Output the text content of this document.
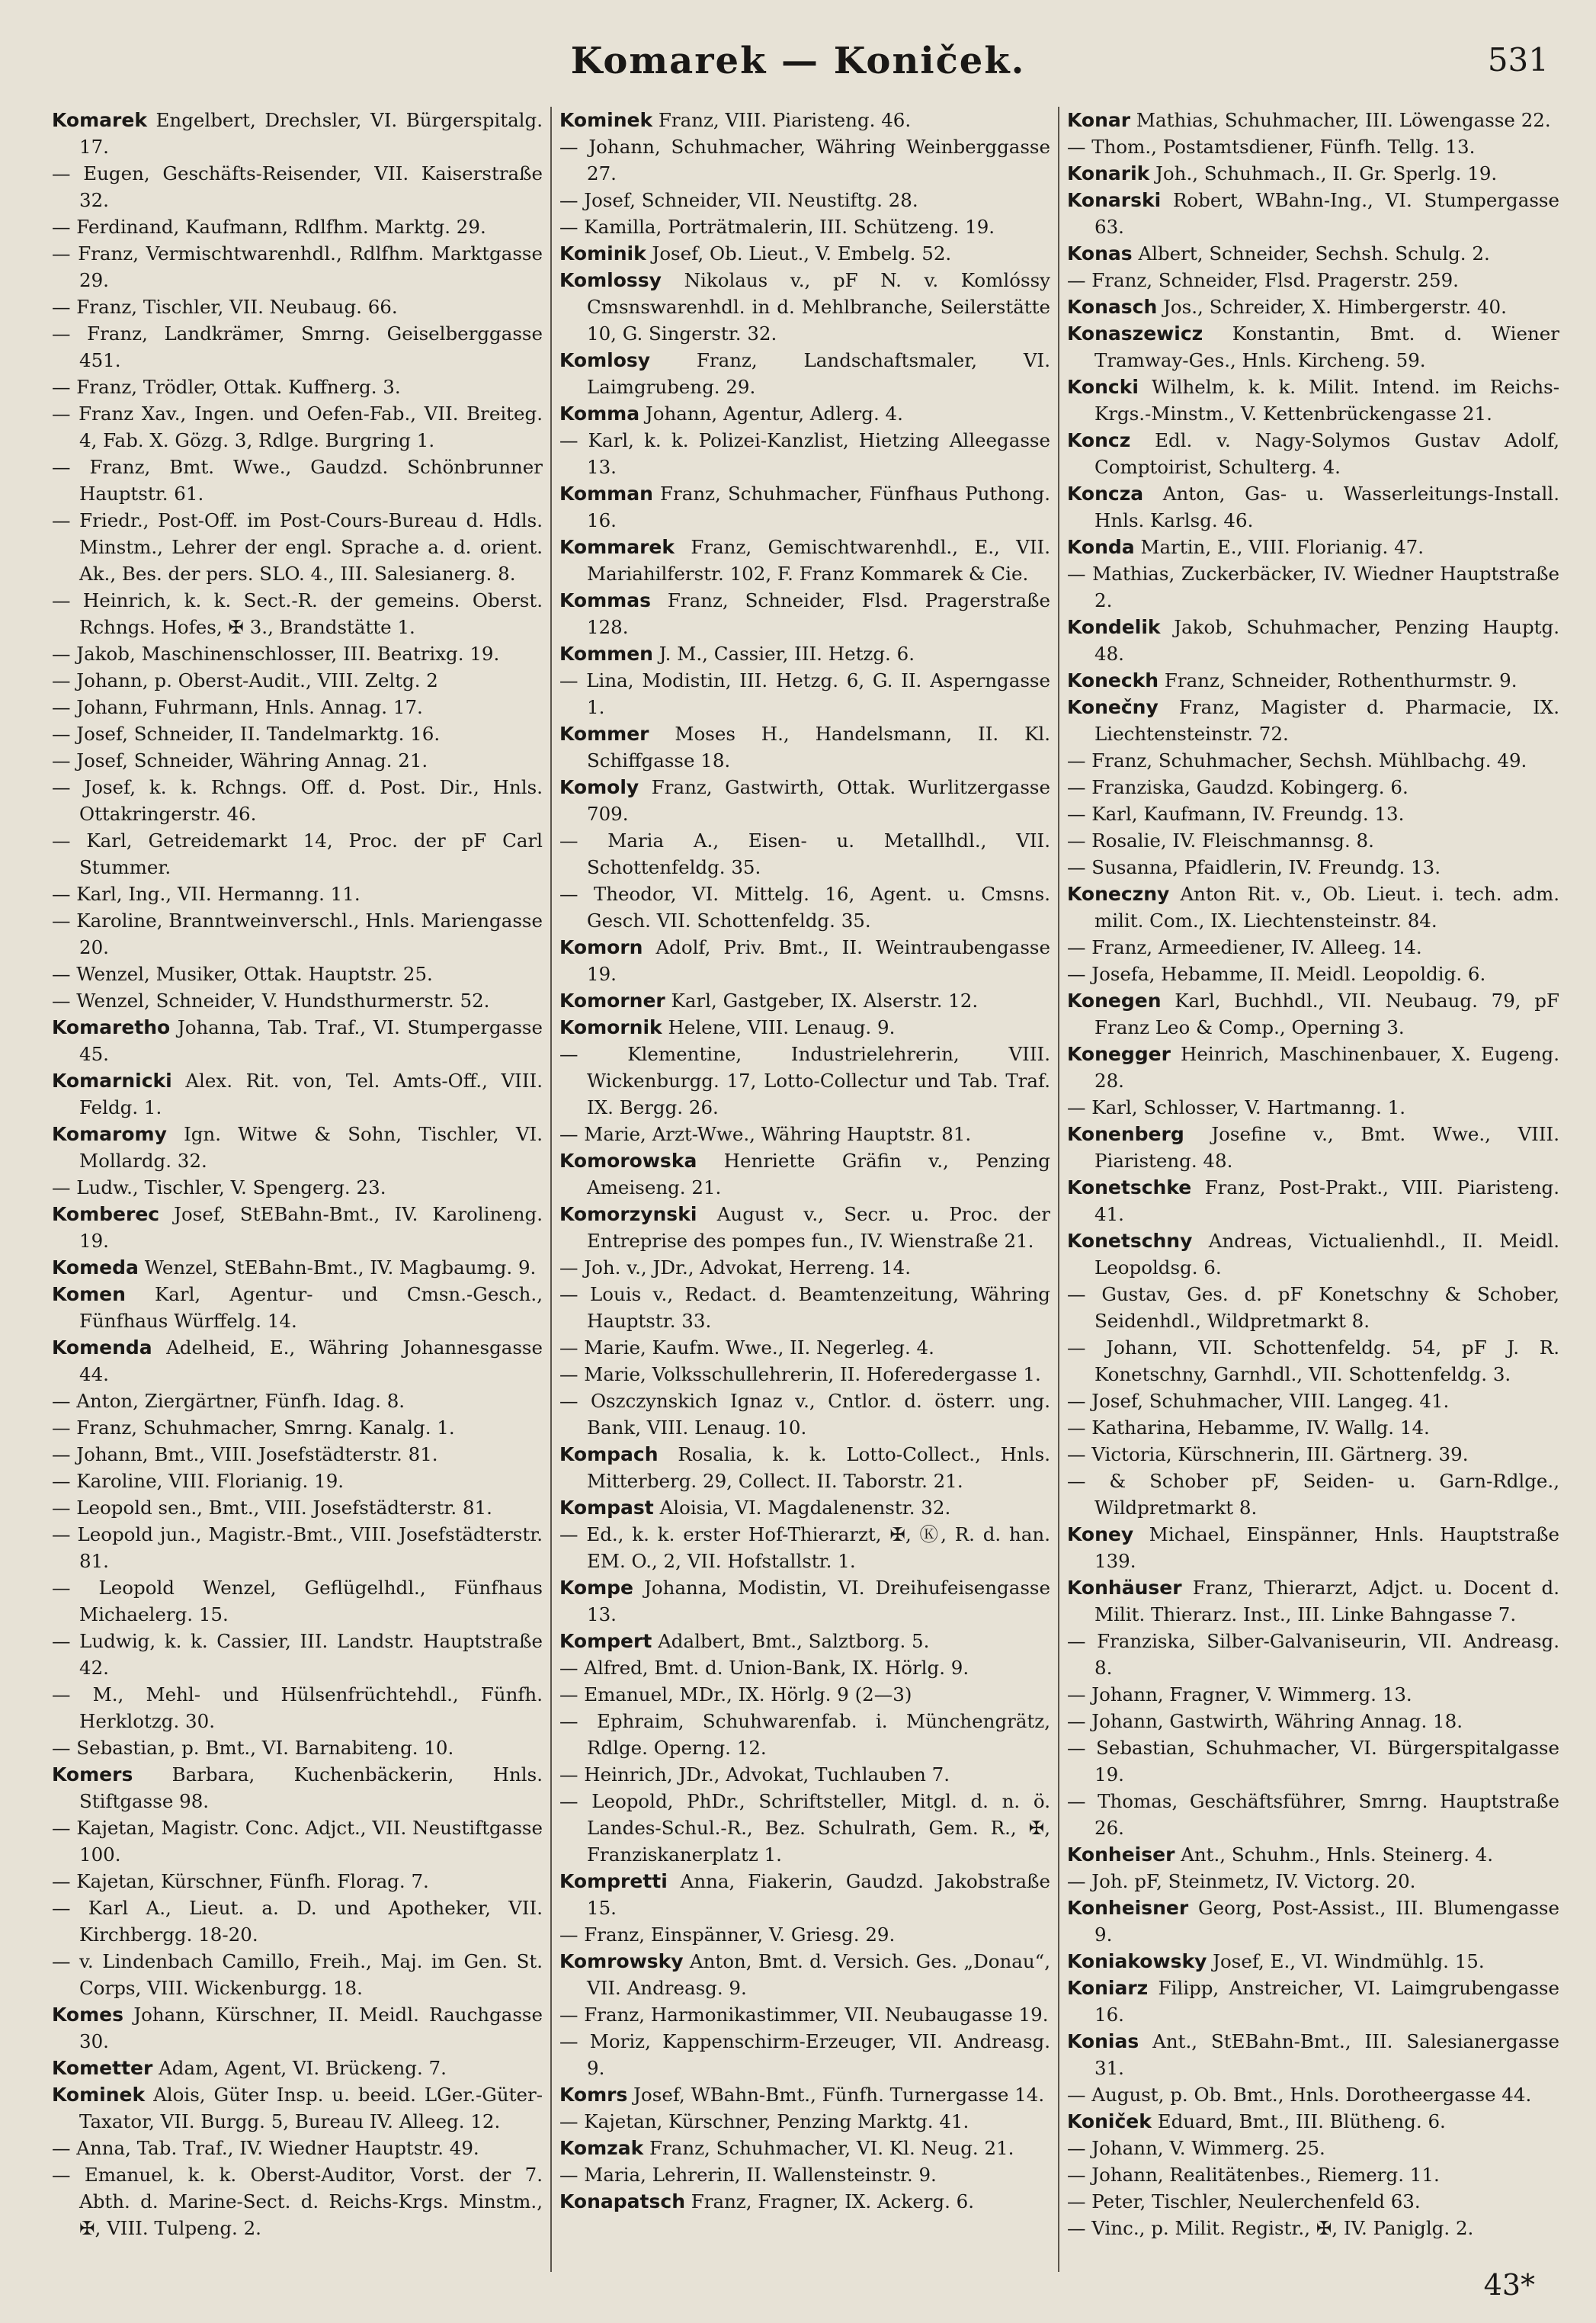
Komarek — Koniček.	531

Komarek Engelbert, Drechsler, VI. Bürgerspitalg. 17.

— Eugen, Geschäfts-Reisender, VII. Kaiserstraße 32.

— Ferdinand, Kaufmann, Rdlfhm. Marktg. 29.

— Franz, Vermischtwarenhdl., Rdlfhm. Marktgasse 29.

— Franz, Tischler, VII. Neubaug. 66.

— Franz, Landkrämer, Smrng. Geiselberggasse 451.

— Franz, Trödler, Ottak. Kuffnerg. 3.

— Franz Xav., Ingen. und Oefen-Fab., VII. Breiteg. 4, Fab. X. Gözg. 3, Rdlge. Burgring 1.

— Franz, Bmt. Wwe., Gaudzd. Schönbrunner Hauptstr. 61.

— Friedr., Post-Off. im Post-Cours-Bureau d. Hdls. Minstm., Lehrer der engl. Sprache a. d. orient. Ak., Bes. der pers. SLO. 4., III. Salesianerg. 8.

— Heinrich, k. k. Sect.-R. der gemeins. Oberst. Rchngs. Hofes, ✠ 3., Brandstätte 1.

— Jakob, Maschinenschlosser, III. Beatrixg. 19.

— Johann, p. Oberst-Audit., VIII. Zeltg. 2

— Johann, Fuhrmann, Hnls. Annag. 17.

— Josef, Schneider, II. Tandelmarktg. 16.

— Josef, Schneider, Währing Annag. 21.

— Josef, k. k. Rchngs. Off. d. Post. Dir., Hnls. Ottakringerstr. 46.

— Karl, Getreidemarkt 14, Proc. der pF Carl Stummer.

— Karl, Ing., VII. Hermanng. 11.

— Karoline, Branntweinverschl., Hnls. Mariengasse 20.

— Wenzel, Musiker, Ottak. Hauptstr. 25.

— Wenzel, Schneider, V. Hundsthurmerstr. 52.

Komaretho Johanna, Tab. Traf., VI. Stumpergasse 45.

Komarnicki Alex. Rit. von, Tel. Amts-Off., VIII. Feldg. 1.

Komaromy Ign. Witwe & Sohn, Tischler, VI. Mollardg. 32.

— Ludw., Tischler, V. Spengerg. 23.

Komberec Josef, StEBahn-Bmt., IV. Karolineng. 19.

Komeda Wenzel, StEBahn-Bmt., IV. Magbaumg. 9.

Komen Karl, Agentur- und Cmsn.-Gesch., Fünfhaus Würffelg. 14.

Komenda Adelheid, E., Währing Johannesgasse 44.

— Anton, Ziergärtner, Fünfh. Idag. 8.

— Franz, Schuhmacher, Smrng. Kanalg. 1.

— Johann, Bmt., VIII. Josefstädterstr. 81.

— Karoline, VIII. Florianig. 19.

— Leopold sen., Bmt., VIII. Josefstädterstr. 81.

— Leopold jun., Magistr.-Bmt., VIII. Josefstädterstr. 81.

— Leopold Wenzel, Geflügelhdl., Fünfhaus Michaelerg. 15.

— Ludwig, k. k. Cassier, III. Landstr. Hauptstraße 42.

— M., Mehl- und Hülsenfrüchtehdl., Fünfh. Herklotzg. 30.

— Sebastian, p. Bmt., VI. Barnabiteng. 10.

Komers Barbara, Kuchenbäckerin, Hnls. Stiftgasse 98.

— Kajetan, Magistr. Conc. Adjct., VII. Neustiftgasse 100.

— Kajetan, Kürschner, Fünfh. Florag. 7.

— Karl A., Lieut. a. D. und Apotheker, VII. Kirchbergg. 18-20.

— v. Lindenbach Camillo, Freih., Maj. im Gen. St. Corps, VIII. Wickenburgg. 18.

Komes Johann, Kürschner, II. Meidl. Rauchgasse 30.

Kometter Adam, Agent, VI. Brückeng. 7.

Kominek Alois, Güter Insp. u. beeid. LGer.-Güter-Taxator, VII. Burgg. 5, Bureau IV. Alleeg. 12.

— Anna, Tab. Traf., IV. Wiedner Hauptstr. 49.

— Emanuel, k. k. Oberst-Auditor, Vorst. der 7. Abth. d. Marine-Sect. d. Reichs-Krgs. Minstm., ✠, VIII. Tulpeng. 2.

Kominek Franz, VIII. Piaristeng. 46.

— Johann, Schuhmacher, Währing Weinberggasse 27.

— Josef, Schneider, VII. Neustiftg. 28.

— Kamilla, Porträtmalerin, III. Schützeng. 19.

Kominik Josef, Ob. Lieut., V. Embelg. 52.

Komlossy Nikolaus v., pF N. v. Komlóssy Cmsnswarenhdl. in d. Mehlbranche, Seilerstätte 10, G. Singerstr. 32.

Komlosy Franz, Landschaftsmaler, VI. Laimgrubeng. 29.

Komma Johann, Agentur, Adlerg. 4.

— Karl, k. k. Polizei-Kanzlist, Hietzing Alleegasse 13.

Komman Franz, Schuhmacher, Fünfhaus Puthong. 16.

Kommarek Franz, Gemischtwarenhdl., E., VII. Mariahilferstr. 102, F. Franz Kommarek & Cie.

Kommas Franz, Schneider, Flsd. Pragerstraße 128.

Kommen J. M., Cassier, III. Hetzg. 6.

— Lina, Modistin, III. Hetzg. 6, G. II. Asperngasse 1.

Kommer Moses H., Handelsmann, II. Kl. Schiffgasse 18.

Komoly Franz, Gastwirth, Ottak. Wurlitzergasse 709.

— Maria A., Eisen- u. Metallhdl., VII. Schottenfeldg. 35.

— Theodor, VI. Mittelg. 16, Agent. u. Cmsns. Gesch. VII. Schottenfeldg. 35.

Komorn Adolf, Priv. Bmt., II. Weintraubengasse 19.

Komorner Karl, Gastgeber, IX. Alserstr. 12.

Komornik Helene, VIII. Lenaug. 9.

— Klementine, Industrielehrerin, VIII. Wickenburgg. 17, Lotto-Collectur und Tab. Traf. IX. Bergg. 26.

— Marie, Arzt-Wwe., Währing Hauptstr. 81.

Komorowska Henriette Gräfin v., Penzing Ameiseng. 21.

Komorzynski August v., Secr. u. Proc. der Entreprise des pompes fun., IV. Wienstraße 21.

— Joh. v., JDr., Advokat, Herreng. 14.

— Louis v., Redact. d. Beamtenzeitung, Währing Hauptstr. 33.

— Marie, Kaufm. Wwe., II. Negerleg. 4.

— Marie, Volksschullehrerin, II. Hoferedergasse 1.

— Oszczynskich Ignaz v., Cntlor. d. österr. ung. Bank, VIII. Lenaug. 10.

Kompach Rosalia, k. k. Lotto-Collect., Hnls. Mitterberg. 29, Collect. II. Taborstr. 21.

Kompast Aloisia, VI. Magdalenenstr. 32.

— Ed., k. k. erster Hof-Thierarzt, ✠, Ⓚ, R. d. han. EM. O., 2, VII. Hofstallstr. 1.

Kompe Johanna, Modistin, VI. Dreihufeisengasse 13.

Kompert Adalbert, Bmt., Salztborg. 5.

— Alfred, Bmt. d. Union-Bank, IX. Hörlg. 9.

— Emanuel, MDr., IX. Hörlg. 9 (2—3)

— Ephraim, Schuhwarenfab. i. Münchengrätz, Rdlge. Operng. 12.

— Heinrich, JDr., Advokat, Tuchlauben 7.

— Leopold, PhDr., Schriftsteller, Mitgl. d. n. ö. Landes-Schul.-R., Bez. Schulrath, Gem. R., ✠, Franziskanerplatz 1.

Kompretti Anna, Fiakerin, Gaudzd. Jakobstraße 15.

— Franz, Einspänner, V. Griesg. 29.

Komrowsky Anton, Bmt. d. Versich. Ges. „Donau“, VII. Andreasg. 9.

— Franz, Harmonikastimmer, VII. Neubaugasse 19.

— Moriz, Kappenschirm-Erzeuger, VII. Andreasg. 9.

Komrs Josef, WBahn-Bmt., Fünfh. Turnergasse 14.

— Kajetan, Kürschner, Penzing Marktg. 41.

Komzak Franz, Schuhmacher, VI. Kl. Neug. 21.

— Maria, Lehrerin, II. Wallensteinstr. 9.

Konapatsch Franz, Fragner, IX. Ackerg. 6.

Konar Mathias, Schuhmacher, III. Löwengasse 22.

— Thom., Postamtsdiener, Fünfh. Tellg. 13.

Konarik Joh., Schuhmach., II. Gr. Sperlg. 19.

Konarski Robert, WBahn-Ing., VI. Stumpergasse 63.

Konas Albert, Schneider, Sechsh. Schulg. 2.

— Franz, Schneider, Flsd. Pragerstr. 259.

Konasch Jos., Schreider, X. Himbergerstr. 40.

Konaszewicz Konstantin, Bmt. d. Wiener Tramway-Ges., Hnls. Kircheng. 59.

Koncki Wilhelm, k. k. Milit. Intend. im Reichs-Krgs.-Minstm., V. Kettenbrückengasse 21.

Koncz Edl. v. Nagy-Solymos Gustav Adolf, Comptoirist, Schulterg. 4.

Koncza Anton, Gas- u. Wasserleitungs-Install. Hnls. Karlsg. 46.

Konda Martin, E., VIII. Florianig. 47.

— Mathias, Zuckerbäcker, IV. Wiedner Hauptstraße 2.

Kondelik Jakob, Schuhmacher, Penzing Hauptg. 48.

Koneckh Franz, Schneider, Rothenthurmstr. 9.

Konečny Franz, Magister d. Pharmacie, IX. Liechtensteinstr. 72.

— Franz, Schuhmacher, Sechsh. Mühlbachg. 49.

— Franziska, Gaudzd. Kobingerg. 6.

— Karl, Kaufmann, IV. Freundg. 13.

— Rosalie, IV. Fleischmannsg. 8.

— Susanna, Pfaidlerin, IV. Freundg. 13.

Koneczny Anton Rit. v., Ob. Lieut. i. tech. adm. milit. Com., IX. Liechtensteinstr. 84.

— Franz, Armeediener, IV. Alleeg. 14.

— Josefa, Hebamme, II. Meidl. Leopoldig. 6.

Konegen Karl, Buchhdl., VII. Neubaug. 79, pF Franz Leo & Comp., Operning 3.

Konegger Heinrich, Maschinenbauer, X. Eugeng. 28.

— Karl, Schlosser, V. Hartmanng. 1.

Konenberg Josefine v., Bmt. Wwe., VIII. Piaristeng. 48.

Konetschke Franz, Post-Prakt., VIII. Piaristeng. 41.

Konetschny Andreas, Victualienhdl., II. Meidl. Leopoldsg. 6.

— Gustav, Ges. d. pF Konetschny & Schober, Seidenhdl., Wildpretmarkt 8.

— Johann, VII. Schottenfeldg. 54, pF J. R. Konetschny, Garnhdl., VII. Schottenfeldg. 3.

— Josef, Schuhmacher, VIII. Langeg. 41.

— Katharina, Hebamme, IV. Wallg. 14.

— Victoria, Kürschnerin, III. Gärtnerg. 39.

— & Schober pF, Seiden- u. Garn-Rdlge., Wildpretmarkt 8.

Koney Michael, Einspänner, Hnls. Hauptstraße 139.

Konhäuser Franz, Thierarzt, Adjct. u. Docent d. Milit. Thierarz. Inst., III. Linke Bahngasse 7.

— Franziska, Silber-Galvaniseurin, VII. Andreasg. 8.

— Johann, Fragner, V. Wimmerg. 13.

— Johann, Gastwirth, Währing Annag. 18.

— Sebastian, Schuhmacher, VI. Bürgerspitalgasse 19.

— Thomas, Geschäftsführer, Smrng. Hauptstraße 26.

Konheiser Ant., Schuhm., Hnls. Steinerg. 4.

— Joh. pF, Steinmetz, IV. Victorg. 20.

Konheisner Georg, Post-Assist., III. Blumengasse 9.

Koniakowsky Josef, E., VI. Windmühlg. 15.

Koniarz Filipp, Anstreicher, VI. Laimgrubengasse 16.

Konias Ant., StEBahn-Bmt., III. Salesianergasse 31.

— August, p. Ob. Bmt., Hnls. Dorotheergasse 44.

Koniček Eduard, Bmt., III. Blütheng. 6.

— Johann, V. Wimmerg. 25.

— Johann, Realitätenbes., Riemerg. 11.

— Peter, Tischler, Neulerchenfeld 63.

— Vinc., p. Milit. Registr., ✠, IV. Paniglg. 2.

43*
